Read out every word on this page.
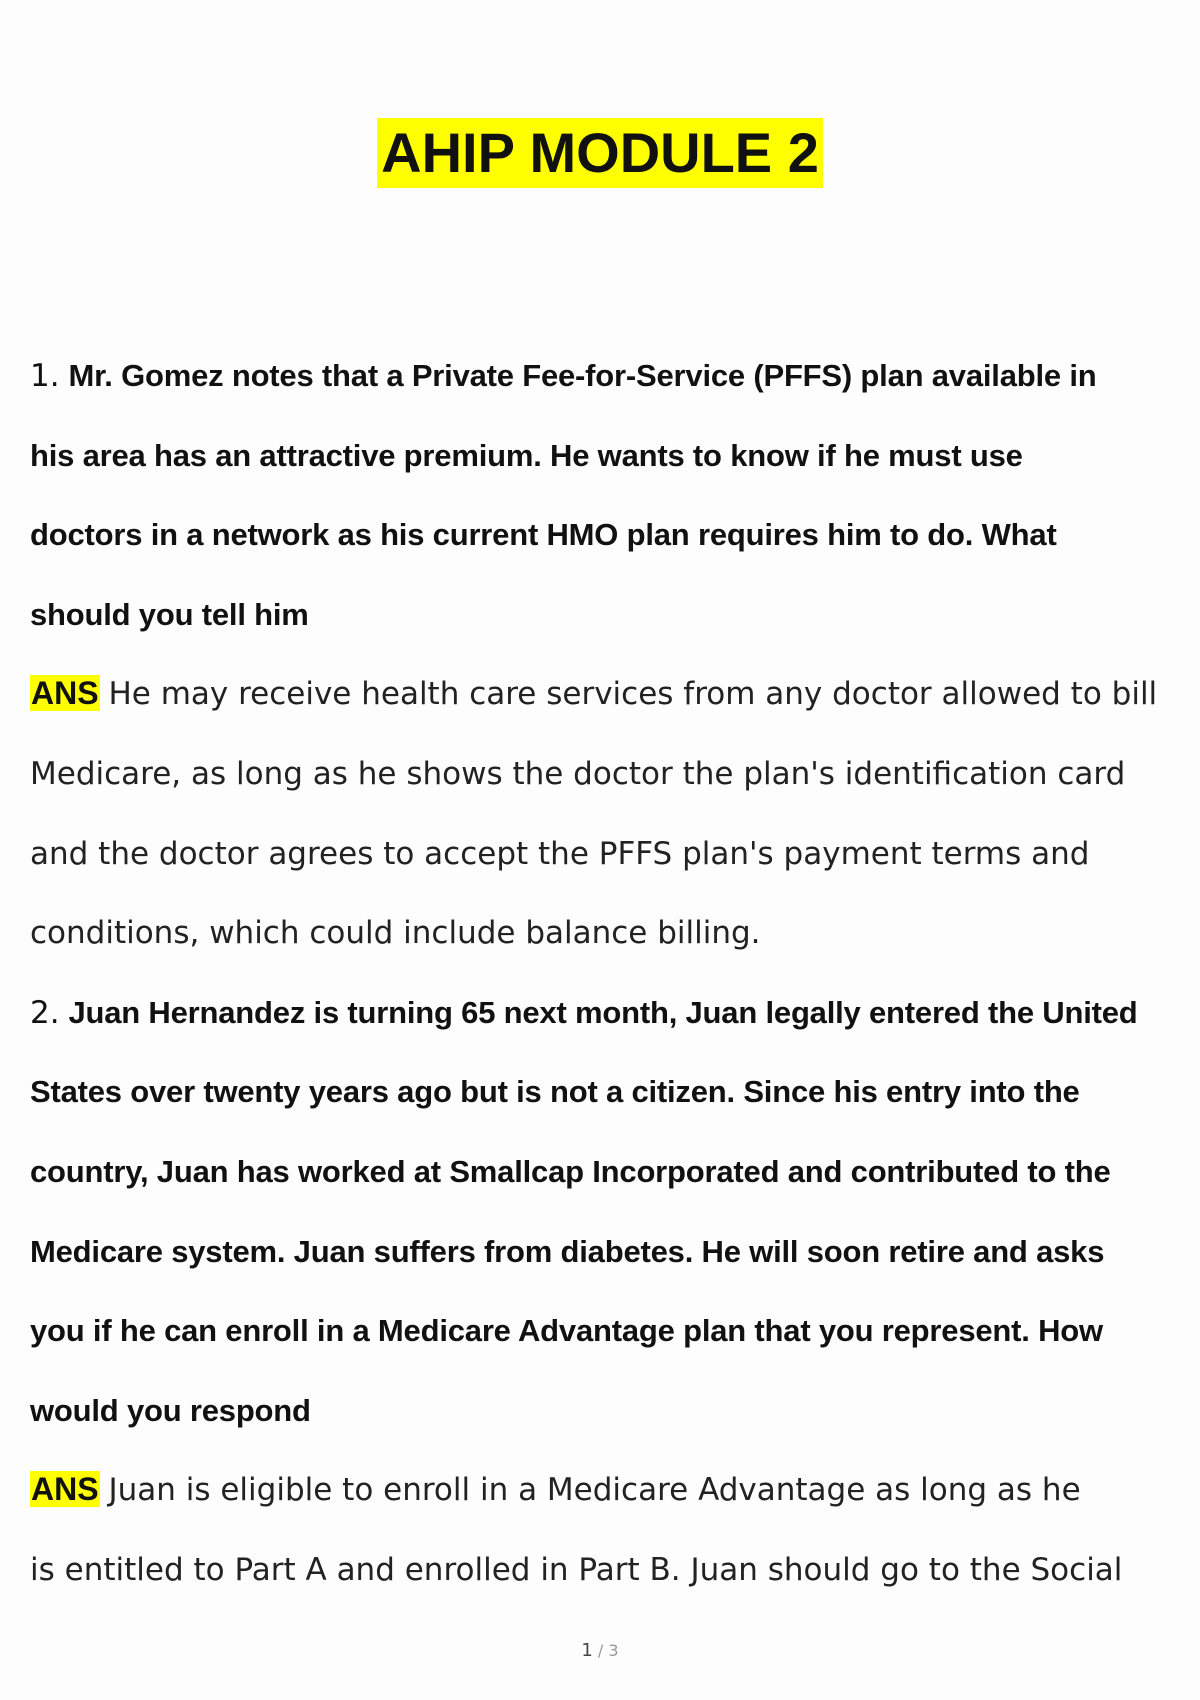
AHIP MODULE 2
1. Mr. Gomez notes that a Private Fee-for-Service (PFFS) plan available in
his area has an attractive premium. He wants to know if he must use
doctors in a network as his current HMO plan requires him to do. What
should you tell him
ANS He may receive health care services from any doctor allowed to bill
Medicare, as long as he shows the doctor the plan's identification card
and the doctor agrees to accept the PFFS plan's payment terms and
conditions, which could include balance billing.
2. Juan Hernandez is turning 65 next month, Juan legally entered the United
States over twenty years ago but is not a citizen. Since his entry into the
country, Juan has worked at Smallcap Incorporated and contributed to the
Medicare system. Juan suffers from diabetes. He will soon retire and asks
you if he can enroll in a Medicare Advantage plan that you represent. How
would you respond
ANS Juan is eligible to enroll in a Medicare Advantage as long as he
is entitled to Part A and enrolled in Part B. Juan should go to the Social
1 / 3
